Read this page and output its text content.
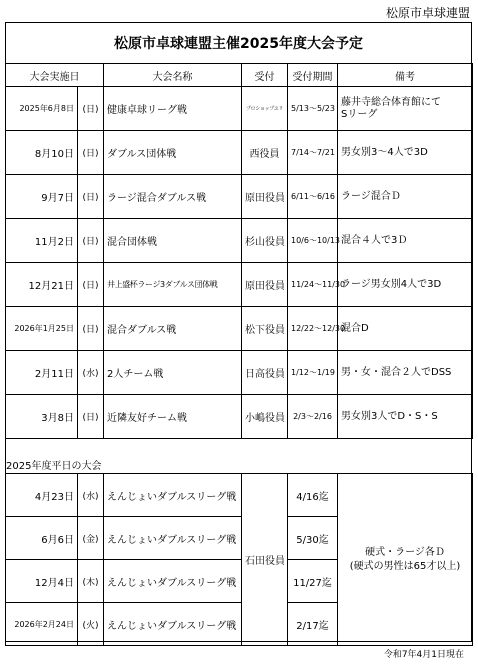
松原市卓球連盟
松原市卓球連盟主催2025年度大会予定
大会実施日		大会名称	受付	受付期間	備考
2025年6月8日	(日)	健康卓球リーグ戦	プロショップユリ	5/13～5/23	藤井寺総合体育館にて
Sリーグ
8月10日	(日)	ダブルス団体戦	西役員	7/14～7/21	男女別3～4人で3D
9月7日	(日)	ラージ混合ダブルス戦	原田役員	6/11～6/16	ラージ混合Ｄ
11月2日	(日)	混合団体戦	杉山役員	10/6～10/13	混合４人で3Ｄ
12月21日	(日)	井上盛杯ラージ3ダブルス団体戦	原田役員	11/24～11/30	ラージ男女別4人で3D
2026年1月25日	(日)	混合ダブルス戦	松下役員	12/22～12/30	混合D
2月11日	(水)	2人チーム戦	日高役員	1/12～1/19	男・女・混合２人でDSS
3月8日	(日)	近隣友好チーム戦	小嶋役員	2/3～2/16	男女別3人でD・S・S
2025年度平日の大会
4月23日	(水)	えんじょいダブルスリーグ戦	石田役員	4/16迄	硬式・ラージ各Ｄ
(硬式の男性は65才以上)
6月6日	(金)	えんじょいダブルスリーグ戦		5/30迄	
12月4日	(木)	えんじょいダブルスリーグ戦		11/27迄	
2026年2月24日	(火)	えんじょいダブルスリーグ戦		2/17迄	
令和7年4月1日現在
